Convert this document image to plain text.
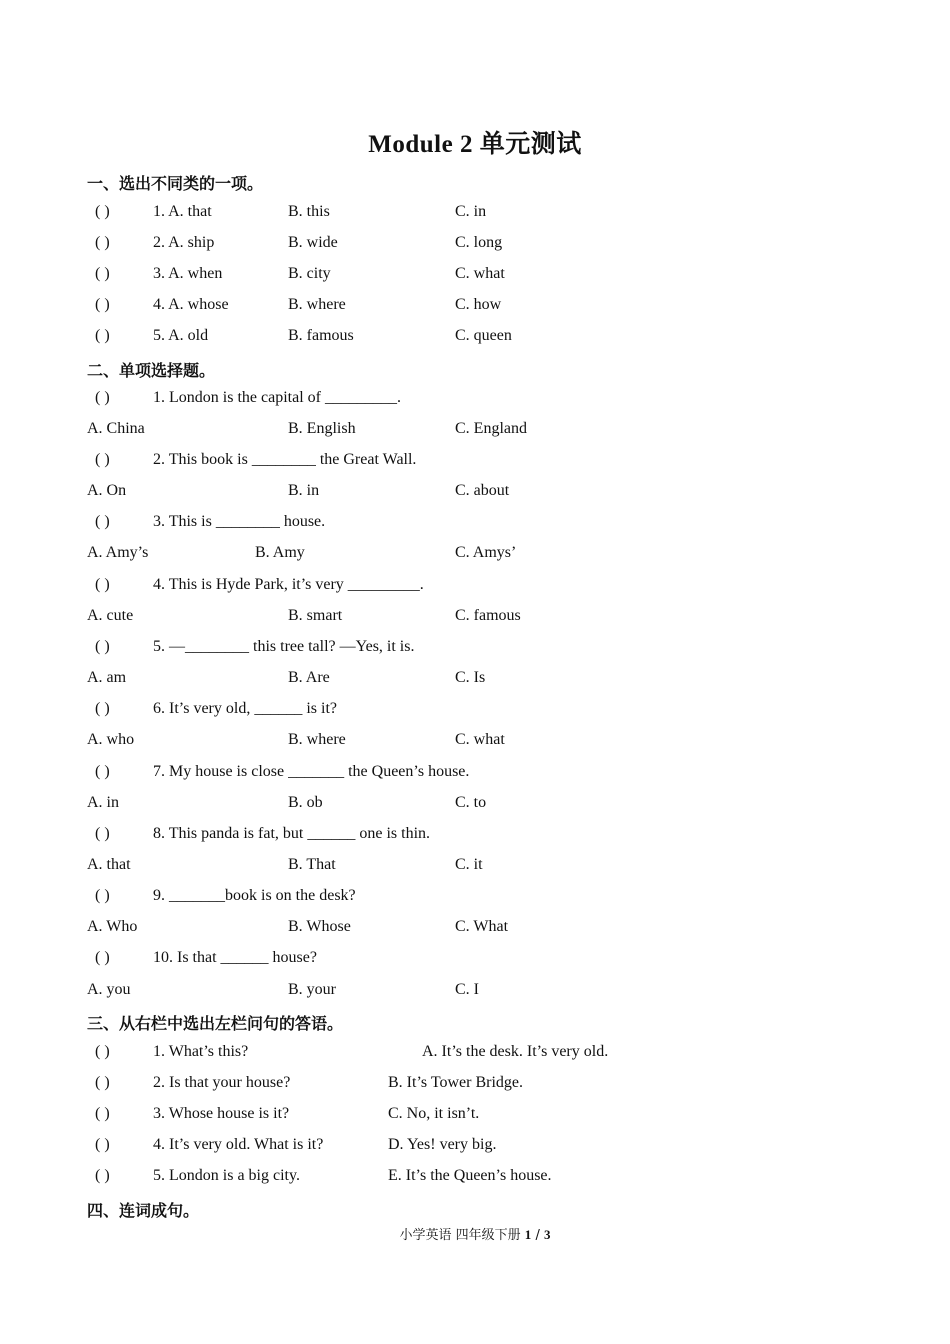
Module 2 单元测试
一、选出不同类的一项。
( )	1. A. that	B. this	C. in
( )	2. A. ship	B. wide	C. long
( )	3. A. when	B. city	C. what
( )	4. A. whose	B. where	C. how
( )	5. A. old	B. famous	C. queen
二、单项选择题。
( )	1. London is the capital of _________.
A. China	B. English	C. England
( )	2. This book is ________ the Great Wall.
A. On	B. in	C. about
( )	3. This is ________ house.
A. Amy’s	B. Amy	C. Amys’
( )	4. This is Hyde Park, it’s very _________.
A. cute	B. smart	C. famous
( )	5. —________ this tree tall? —Yes, it is.
A. am	B. Are	C. Is
( )	6. It’s very old, ______ is it?
A. who	B. where	C. what
( )	7. My house is close _______ the Queen’s house.
A. in	B. ob	C. to
( )	8. This panda is fat, but ______ one is thin.
A. that	B. That	C. it
( )	9. _______book is on the desk?
A. Who	B. Whose	C. What
( )	10. Is that ______ house?
A. you	B. your	C. I
三、从右栏中选出左栏问句的答语。
( )	1. What’s this?	A. It’s the desk. It’s very old.
( )	2. Is that your house?	B. It’s Tower Bridge.
( )	3. Whose house is it?	C. No, it isn’t.
( )	4. It’s very old. What is it?	D. Yes! very big.
( )	5. London is a big city.	E. It’s the Queen’s house.
四、连词成句。
小学英语 四年级下册 1 / 3
